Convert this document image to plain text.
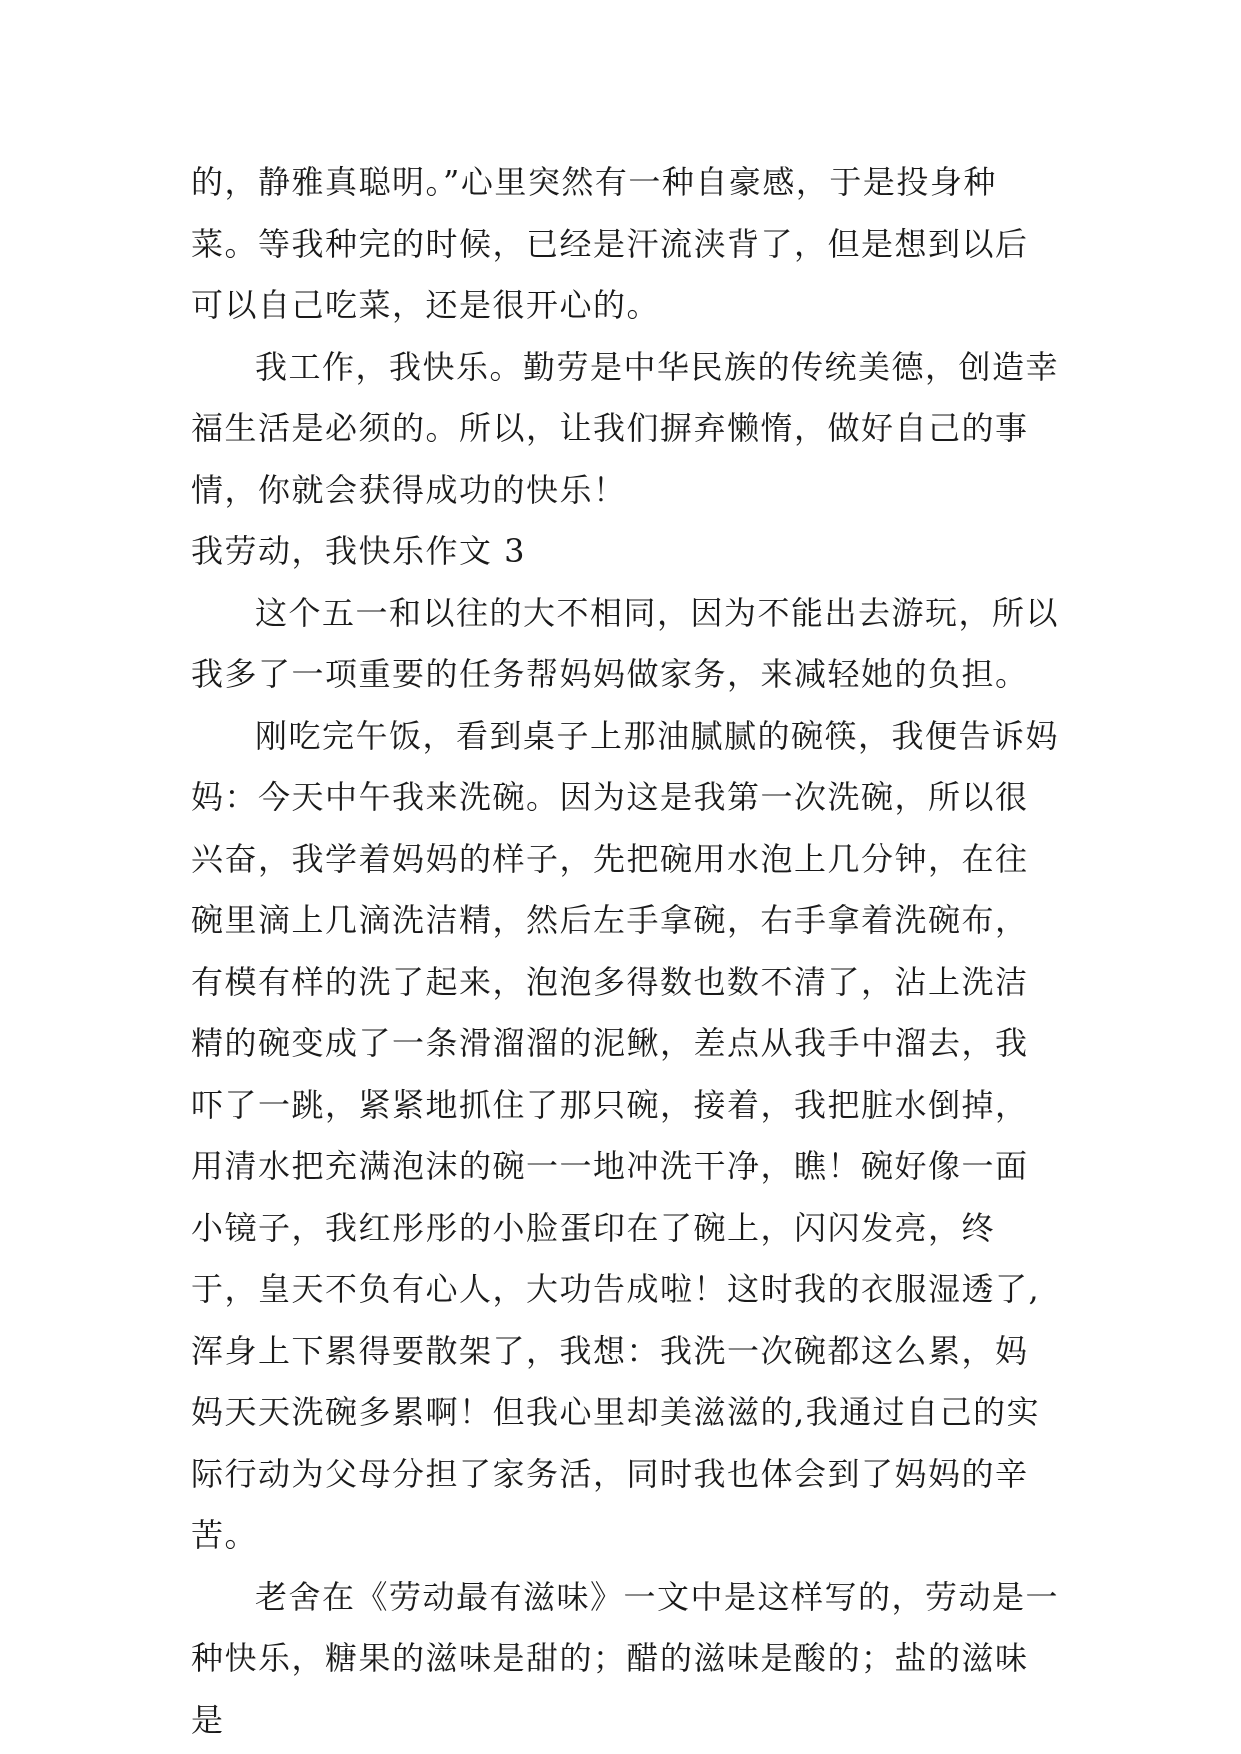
的，静雅真聪明。”心里突然有一种自豪感，于是投身种菜。等我种完的时候，已经是汗流浃背了，但是想到以后可以自己吃菜，还是很开心的。

我工作，我快乐。勤劳是中华民族的传统美德，创造幸福生活是必须的。所以，让我们摒弃懒惰，做好自己的事情，你就会获得成功的快乐！

我劳动，我快乐作文 3

这个五一和以往的大不相同，因为不能出去游玩，所以我多了一项重要的任务帮妈妈做家务，来减轻她的负担。

刚吃完午饭，看到桌子上那油腻腻的碗筷，我便告诉妈妈：今天中午我来洗碗。因为这是我第一次洗碗，所以很兴奋，我学着妈妈的样子，先把碗用水泡上几分钟，在往碗里滴上几滴洗洁精，然后左手拿碗，右手拿着洗碗布，有模有样的洗了起来，泡泡多得数也数不清了，沾上洗洁精的碗变成了一条滑溜溜的泥鳅，差点从我手中溜去，我吓了一跳，紧紧地抓住了那只碗，接着，我把脏水倒掉，用清水把充满泡沫的碗一一地冲洗干净，瞧！碗好像一面小镜子，我红彤彤的小脸蛋印在了碗上，闪闪发亮，终于，皇天不负有心人，大功告成啦！这时我的衣服湿透了,浑身上下累得要散架了，我想：我洗一次碗都这么累，妈妈天天洗碗多累啊！但我心里却美滋滋的,我通过自己的实际行动为父母分担了家务活，同时我也体会到了妈妈的辛苦。

老舍在《劳动最有滋味》一文中是这样写的，劳动是一种快乐，糖果的滋味是甜的；醋的滋味是酸的；盐的滋味是
